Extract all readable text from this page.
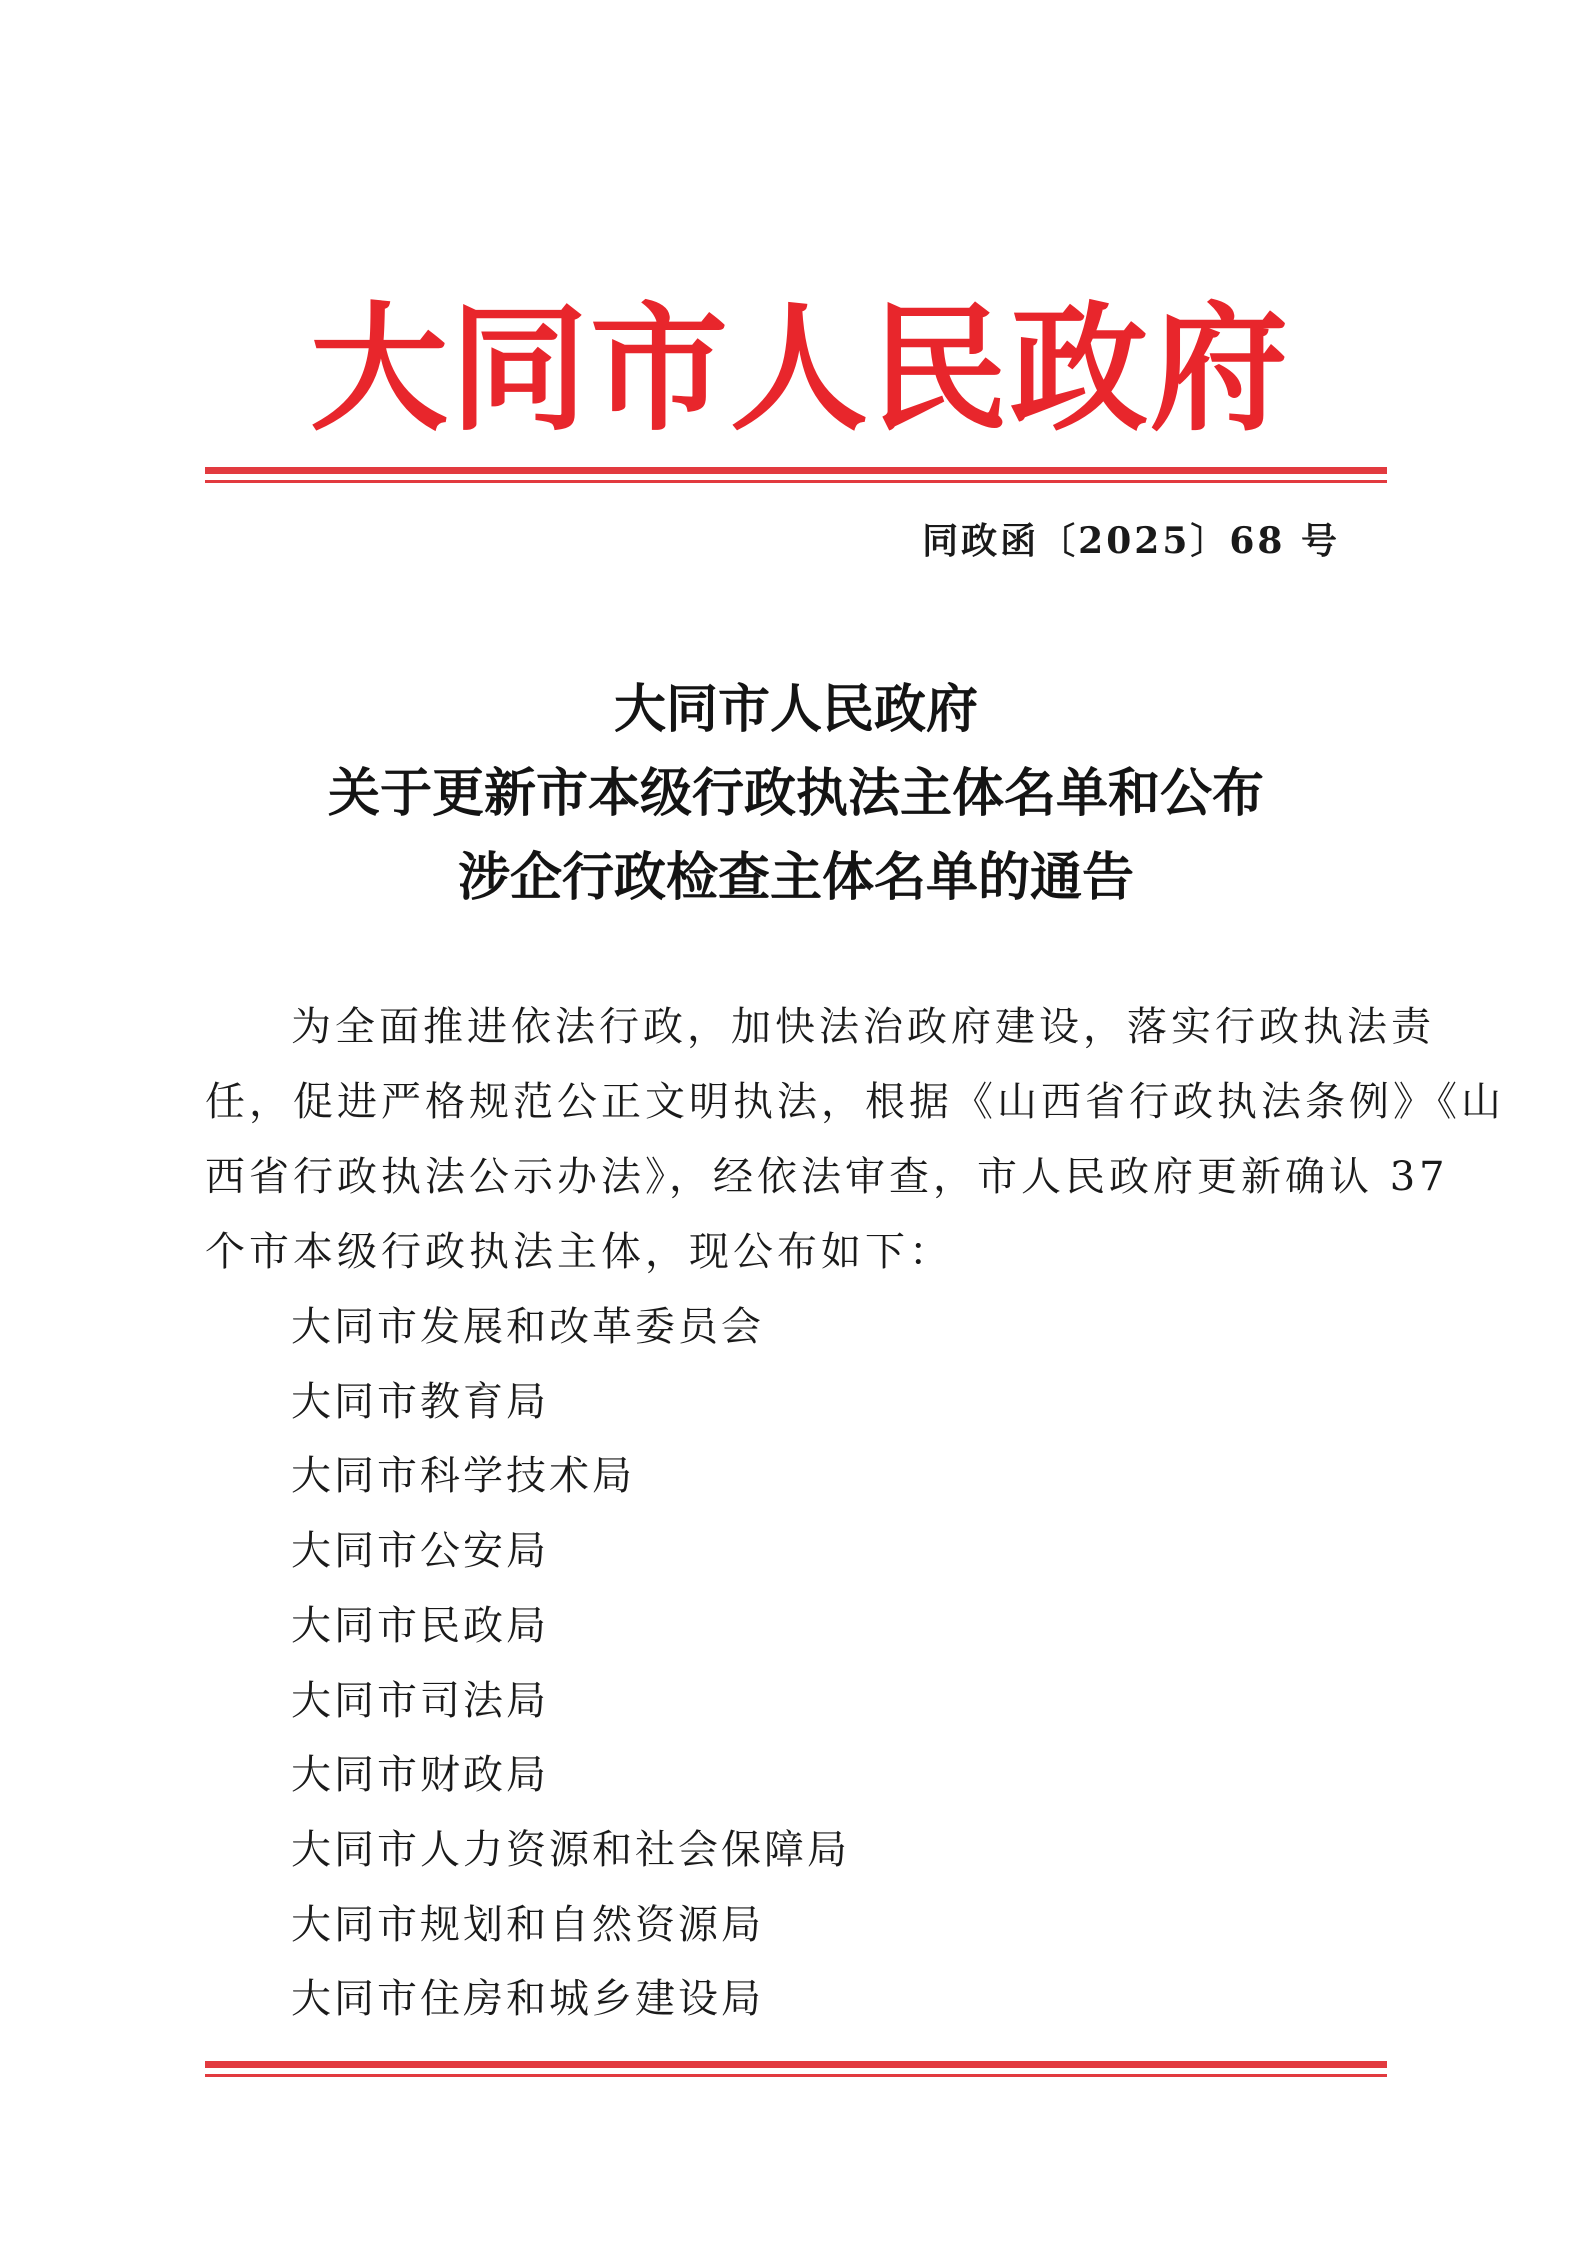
大同市人民政府
同政函〔2025〕68 号
大同市人民政府
关于更新市本级行政执法主体名单和公布
涉企行政检查主体名单的通告
为全面推进依法行政，加快法治政府建设，落实行政执法责
任，促进严格规范公正文明执法，根据《山西省行政执法条例》《山
西省行政执法公示办法》，经依法审查，市人民政府更新确认 37
个市本级行政执法主体，现公布如下：
大同市发展和改革委员会
大同市教育局
大同市科学技术局
大同市公安局
大同市民政局
大同市司法局
大同市财政局
大同市人力资源和社会保障局
大同市规划和自然资源局
大同市住房和城乡建设局
